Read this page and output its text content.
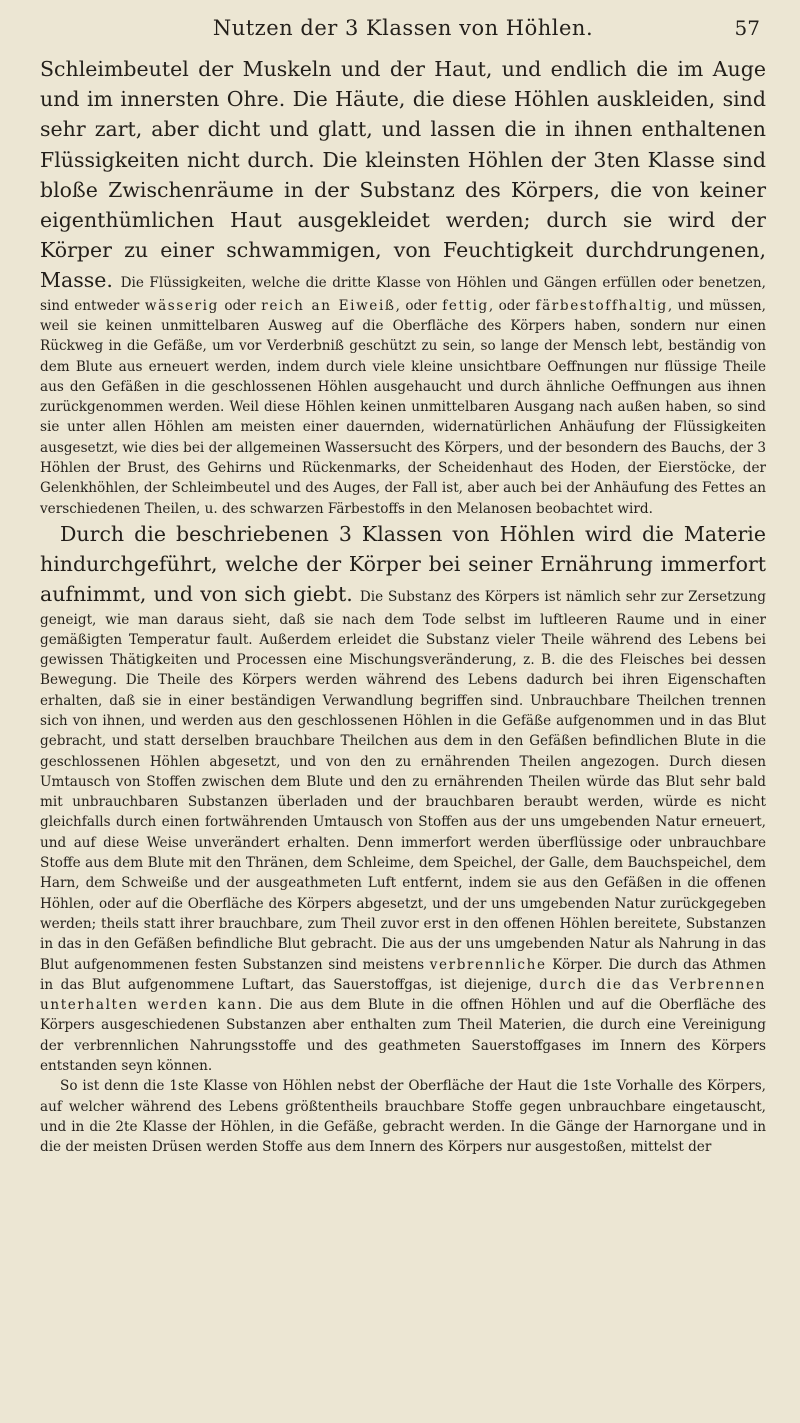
Nutzen der 3 Klassen von Höhlen.	57

Schleimbeutel der Muskeln und der Haut, und endlich die im Auge und im innersten Ohre. Die Häute, die diese Höhlen auskleiden, sind sehr zart, aber dicht und glatt, und lassen die in ihnen enthaltenen Flüssigkeiten nicht durch. Die kleinsten Höhlen der 3ten Klasse sind bloße Zwischenräume in der Substanz des Körpers, die von keiner eigenthümlichen Haut ausgekleidet werden; durch sie wird der Körper zu einer schwammigen, von Feuchtigkeit durchdrungenen, Masse. Die Flüssigkeiten, welche die dritte Klasse von Höhlen und Gängen erfüllen oder benetzen, sind entweder wässerig oder reich an Eiweiß, oder fettig, oder färbestoffhaltig, und müssen, weil sie keinen unmittelbaren Ausweg auf die Oberfläche des Körpers haben, sondern nur einen Rückweg in die Gefäße, um vor Verderbniß geschützt zu sein, so lange der Mensch lebt, beständig von dem Blute aus erneuert werden, indem durch viele kleine unsichtbare Oeffnungen nur flüssige Theile aus den Gefäßen in die geschlossenen Höhlen ausgehaucht und durch ähnliche Oeffnungen aus ihnen zurückgenommen werden. Weil diese Höhlen keinen unmittelbaren Ausgang nach außen haben, so sind sie unter allen Höhlen am meisten einer dauernden, widernatürlichen Anhäufung der Flüssigkeiten ausgesetzt, wie dies bei der allgemeinen Wassersucht des Körpers, und der besondern des Bauchs, der 3 Höhlen der Brust, des Gehirns und Rückenmarks, der Scheidenhaut des Hoden, der Eierstöcke, der Gelenkhöhlen, der Schleimbeutel und des Auges, der Fall ist, aber auch bei der Anhäufung des Fettes an verschiedenen Theilen, u. des schwarzen Färbestoffs in den Melanosen beobachtet wird.

Durch die beschriebenen 3 Klassen von Höhlen wird die Materie hindurchgeführt, welche der Körper bei seiner Ernährung immerfort aufnimmt, und von sich giebt. Die Substanz des Körpers ist nämlich sehr zur Zersetzung geneigt, wie man daraus sieht, daß sie nach dem Tode selbst im luftleeren Raume und in einer gemäßigten Temperatur fault. Außerdem erleidet die Substanz vieler Theile während des Lebens bei gewissen Thätigkeiten und Processen eine Mischungsveränderung, z. B. die des Fleisches bei dessen Bewegung. Die Theile des Körpers werden während des Lebens dadurch bei ihren Eigenschaften erhalten, daß sie in einer beständigen Verwandlung begriffen sind. Unbrauchbare Theilchen trennen sich von ihnen, und werden aus den geschlossenen Höhlen in die Gefäße aufgenommen und in das Blut gebracht, und statt derselben brauchbare Theilchen aus dem in den Gefäßen befindlichen Blute in die geschlossenen Höhlen abgesetzt, und von den zu ernährenden Theilen angezogen. Durch diesen Umtausch von Stoffen zwischen dem Blute und den zu ernährenden Theilen würde das Blut sehr bald mit unbrauchbaren Substanzen überladen und der brauchbaren beraubt werden, würde es nicht gleichfalls durch einen fortwährenden Umtausch von Stoffen aus der uns umgebenden Natur erneuert, und auf diese Weise unverändert erhalten. Denn immerfort werden überflüssige oder unbrauchbare Stoffe aus dem Blute mit den Thränen, dem Schleime, dem Speichel, der Galle, dem Bauchspeichel, dem Harn, dem Schweiße und der ausgeathmeten Luft entfernt, indem sie aus den Gefäßen in die offenen Höhlen, oder auf die Oberfläche des Körpers abgesetzt, und der uns umgebenden Natur zurückgegeben werden; theils statt ihrer brauchbare, zum Theil zuvor erst in den offenen Höhlen bereitete, Substanzen in das in den Gefäßen befindliche Blut gebracht. Die aus der uns umgebenden Natur als Nahrung in das Blut aufgenommenen festen Substanzen sind meistens verbrennliche Körper. Die durch das Athmen in das Blut aufgenommene Luftart, das Sauerstoffgas, ist diejenige, durch die das Verbrennen unterhalten werden kann. Die aus dem Blute in die offnen Höhlen und auf die Oberfläche des Körpers ausgeschiedenen Substanzen aber enthalten zum Theil Materien, die durch eine Vereinigung der verbrennlichen Nahrungsstoffe und des geathmeten Sauerstoffgases im Innern des Körpers entstanden seyn können.

So ist denn die 1ste Klasse von Höhlen nebst der Oberfläche der Haut die 1ste Vorhalle des Körpers, auf welcher während des Lebens größtentheils brauchbare Stoffe gegen unbrauchbare eingetauscht, und in die 2te Klasse der Höhlen, in die Gefäße, gebracht werden. In die Gänge der Harnorgane und in die der meisten Drüsen werden Stoffe aus dem Innern des Körpers nur ausgestoßen, mittelst der
